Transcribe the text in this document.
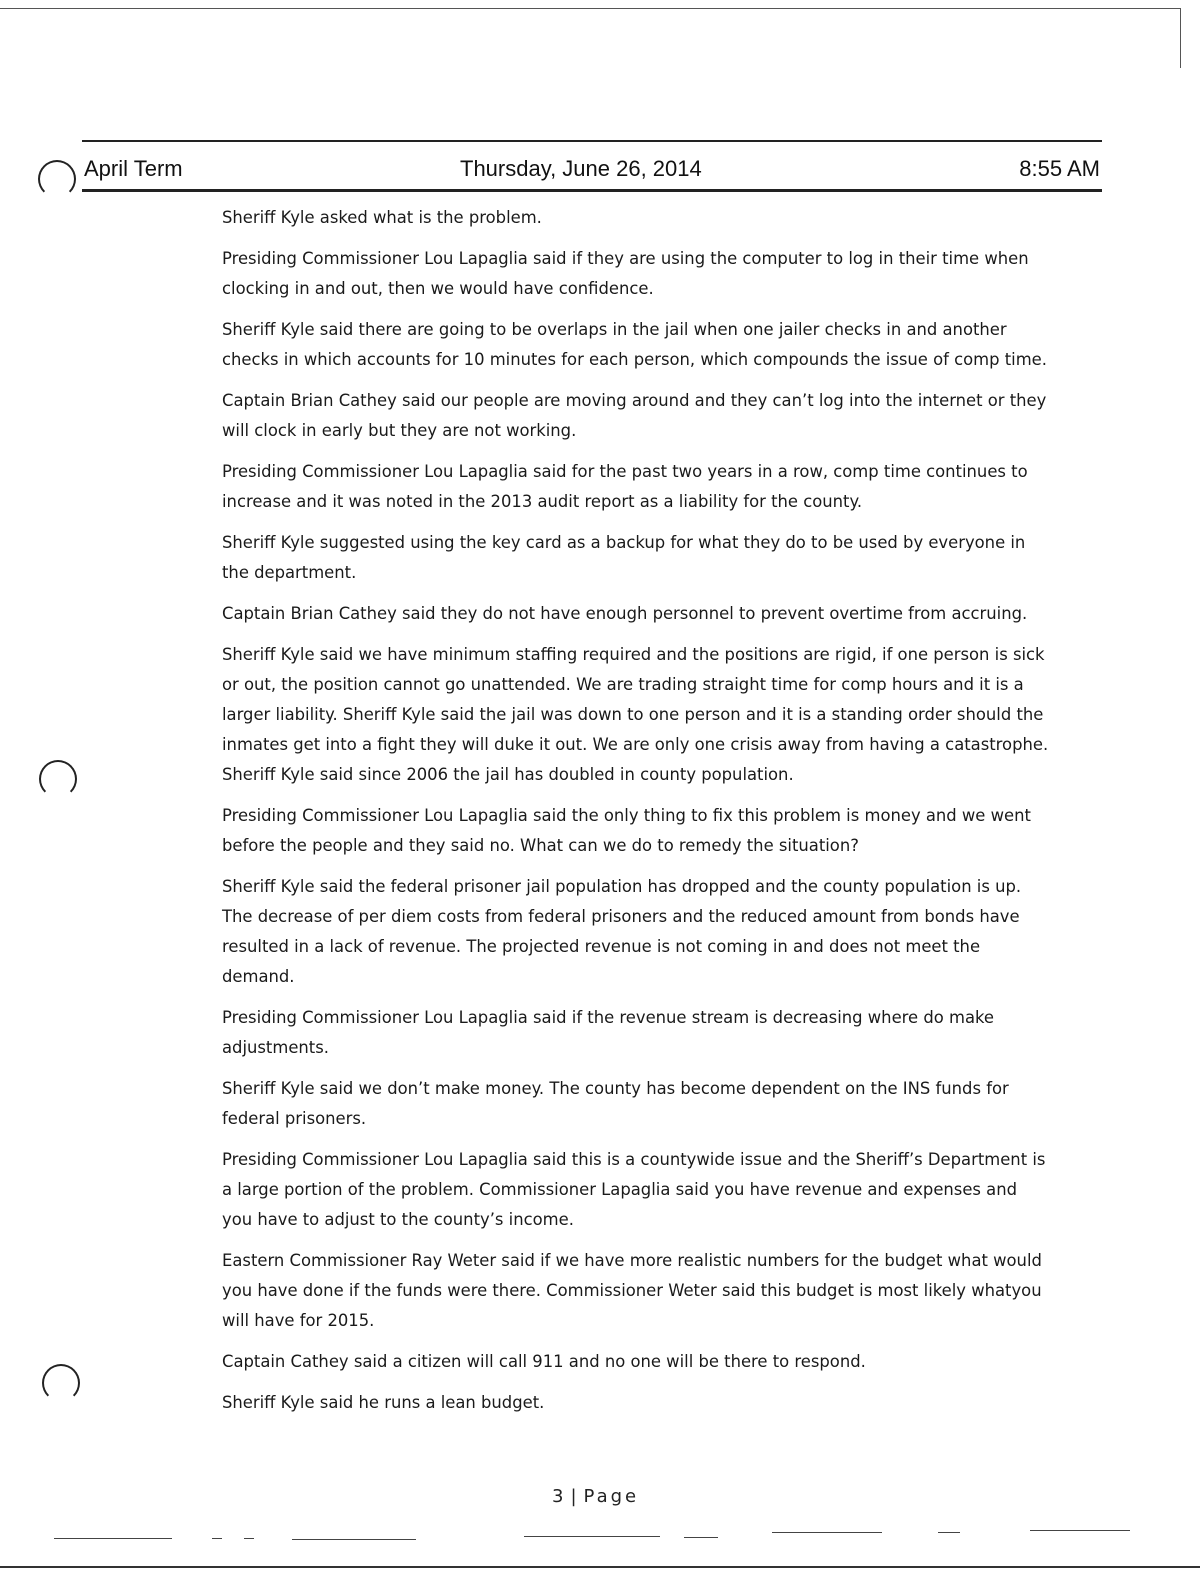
April Term	Thursday, June 26, 2014	8:55 AM

Sheriff Kyle asked what is the problem.

Presiding Commissioner Lou Lapaglia said if they are using the computer to log in their time when clocking in and out, then we would have confidence.

Sheriff Kyle said there are going to be overlaps in the jail when one jailer checks in and another checks in which accounts for 10 minutes for each person, which compounds the issue of comp time.

Captain Brian Cathey said our people are moving around and they can’t log into the internet or they will clock in early but they are not working.

Presiding Commissioner Lou Lapaglia said for the past two years in a row, comp time continues to increase and it was noted in the 2013 audit report as a liability for the county.

Sheriff Kyle suggested using the key card as a backup for what they do to be used by everyone in the department.

Captain Brian Cathey said they do not have enough personnel to prevent overtime from accruing.

Sheriff Kyle said we have minimum staffing required and the positions are rigid, if one person is sick or out, the position cannot go unattended. We are trading straight time for comp hours and it is a larger liability. Sheriff Kyle said the jail was down to one person and it is a standing order should the inmates get into a fight they will duke it out. We are only one crisis away from having a catastrophe. Sheriff Kyle said since 2006 the jail has doubled in county population.

Presiding Commissioner Lou Lapaglia said the only thing to fix this problem is money and we went before the people and they said no. What can we do to remedy the situation?

Sheriff Kyle said the federal prisoner jail population has dropped and the county population is up. The decrease of per diem costs from federal prisoners and the reduced amount from bonds have resulted in a lack of revenue. The projected revenue is not coming in and does not meet the demand.

Presiding Commissioner Lou Lapaglia said if the revenue stream is decreasing where do make adjustments.

Sheriff Kyle said we don’t make money. The county has become dependent on the INS funds for federal prisoners.

Presiding Commissioner Lou Lapaglia said this is a countywide issue and the Sheriff’s Department is a large portion of the problem. Commissioner Lapaglia said you have revenue and expenses and you have to adjust to the county’s income.

Eastern Commissioner Ray Weter said if we have more realistic numbers for the budget what would you have done if the funds were there. Commissioner Weter said this budget is most likely whatyou will have for 2015.

Captain Cathey said a citizen will call 911 and no one will be there to respond.

Sheriff Kyle said he runs a lean budget.

3 | Page
